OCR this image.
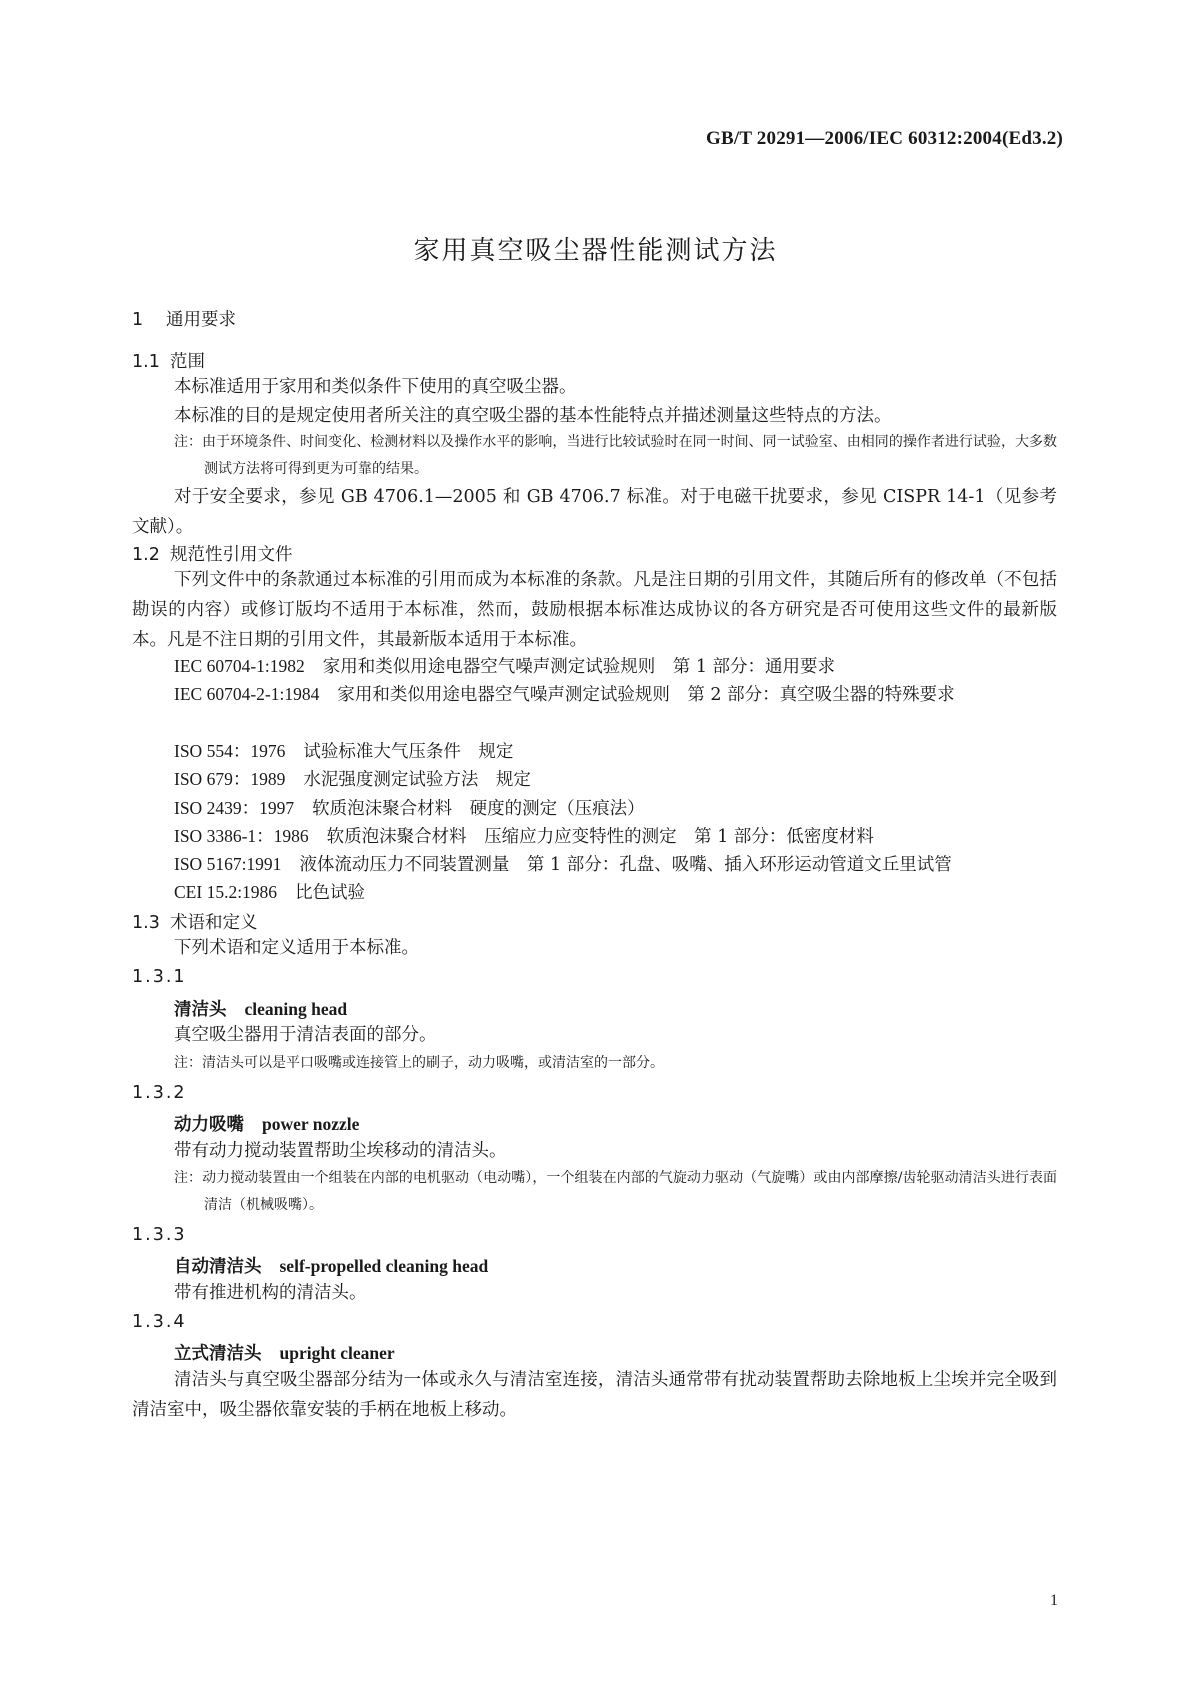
GB/T 20291—2006/IEC 60312:2004(Ed3.2)
家用真空吸尘器性能测试方法
1 通用要求
1.1 范围
本标准适用于家用和类似条件下使用的真空吸尘器。
本标准的目的是规定使用者所关注的真空吸尘器的基本性能特点并描述测量这些特点的方法。
注：由于环境条件、时间变化、检测材料以及操作水平的影响，当进行比较试验时在同一时间、同一试验室、由相同的操作者进行试验，大多数测试方法将可得到更为可靠的结果。
对于安全要求，参见 GB 4706.1—2005 和 GB 4706.7 标准。对于电磁干扰要求，参见 CISPR 14-1（见参考文献）。
1.2 规范性引用文件
下列文件中的条款通过本标准的引用而成为本标准的条款。凡是注日期的引用文件，其随后所有的修改单（不包括勘误的内容）或修订版均不适用于本标准，然而，鼓励根据本标准达成协议的各方研究是否可使用这些文件的最新版本。凡是不注日期的引用文件，其最新版本适用于本标准。
IEC 60704-1:1982 家用和类似用途电器空气噪声测定试验规则　第 1 部分：通用要求
IEC 60704-2-1:1984 家用和类似用途电器空气噪声测定试验规则　第 2 部分：真空吸尘器的特殊要求
ISO 554：1976 试验标准大气压条件　规定
ISO 679：1989 水泥强度测定试验方法　规定
ISO 2439：1997 软质泡沫聚合材料　硬度的测定（压痕法）
ISO 3386-1：1986 软质泡沫聚合材料　压缩应力应变特性的测定　第 1 部分：低密度材料
ISO 5167:1991 液体流动压力不同装置测量　第 1 部分：孔盘、吸嘴、插入环形运动管道文丘里试管
CEI 15.2:1986 比色试验
1.3 术语和定义
下列术语和定义适用于本标准。
1.3.1
清洁头 cleaning head
真空吸尘器用于清洁表面的部分。
注：清洁头可以是平口吸嘴或连接管上的刷子，动力吸嘴，或清洁室的一部分。
1.3.2
动力吸嘴 power nozzle
带有动力搅动装置帮助尘埃移动的清洁头。
注：动力搅动装置由一个组装在内部的电机驱动（电动嘴），一个组装在内部的气旋动力驱动（气旋嘴）或由内部摩擦/齿轮驱动清洁头进行表面清洁（机械吸嘴）。
1.3.3
自动清洁头 self-propelled cleaning head
带有推进机构的清洁头。
1.3.4
立式清洁头 upright cleaner
清洁头与真空吸尘器部分结为一体或永久与清洁室连接，清洁头通常带有扰动装置帮助去除地板上尘埃并完全吸到清洁室中，吸尘器依靠安装的手柄在地板上移动。
1
